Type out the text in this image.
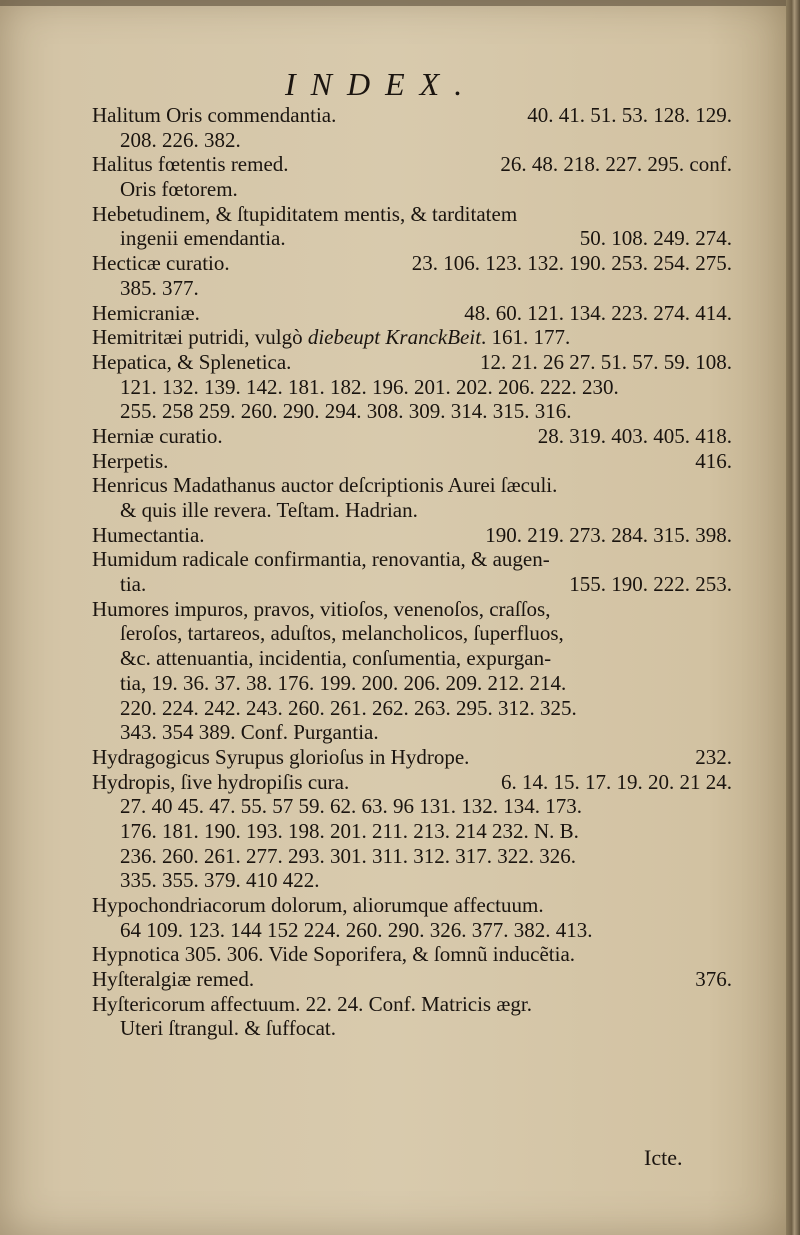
INDEX.
Halitum Oris commendantia.	40. 41. 51. 53. 128. 129.
208. 226. 382.
Halitus fœtentis remed.	26. 48. 218. 227. 295. conf.
Oris fœtorem.
Hebetudinem, & ſtupiditatem mentis, & tarditatem
ingenii emendantia.	50. 108. 249. 274.
Hecticæ curatio.	23. 106. 123. 132. 190. 253. 254. 275.
385. 377.
Hemicraniæ.	48. 60. 121. 134. 223. 274. 414.
Hemitritæi putridi, vulgò diebeupt KranckBeit. 161. 177.
Hepatica, & Splenetica.	12. 21. 26 27. 51. 57. 59. 108.
121. 132. 139. 142. 181. 182. 196. 201. 202. 206. 222. 230.
255. 258 259. 260. 290. 294. 308. 309. 314. 315. 316.
Herniæ curatio.	28. 319. 403. 405. 418.
Herpetis.	416.
Henricus Madathanus auctor deſcriptionis Aurei ſæculi.
& quis ille revera. Teſtam. Hadrian.
Humectantia.	190. 219. 273. 284. 315. 398.
Humidum radicale confirmantia, renovantia, & augen-
tia.	155. 190. 222. 253.
Humores impuros, pravos, vitioſos, venenoſos, craſſos,
ſeroſos, tartareos, aduſtos, melancholicos, ſuperfluos,
&c. attenuantia, incidentia, conſumentia, expurgan-
tia, 19. 36. 37. 38. 176. 199. 200. 206. 209. 212. 214.
220. 224. 242. 243. 260. 261. 262. 263. 295. 312. 325.
343. 354 389. Conf. Purgantia.
Hydragogicus Syrupus glorioſus in Hydrope.	232.
Hydropis, ſive hydropiſis cura.	6. 14. 15. 17. 19. 20. 21 24.
27. 40 45. 47. 55. 57 59. 62. 63. 96 131. 132. 134. 173.
176. 181. 190. 193. 198. 201. 211. 213. 214 232. N. B.
236. 260. 261. 277. 293. 301. 311. 312. 317. 322. 326.
335. 355. 379. 410 422.
Hypochondriacorum dolorum, aliorumque affectuum.
64 109. 123. 144 152 224. 260. 290. 326. 377. 382. 413.
Hypnotica 305. 306. Vide Soporifera, & ſomnũ inducẽtia.
Hyſteralgiæ remed.	376.
Hyſtericorum affectuum. 22. 24. Conf. Matricis ægr.
Uteri ſtrangul. & ſuffocat.
Icte.
